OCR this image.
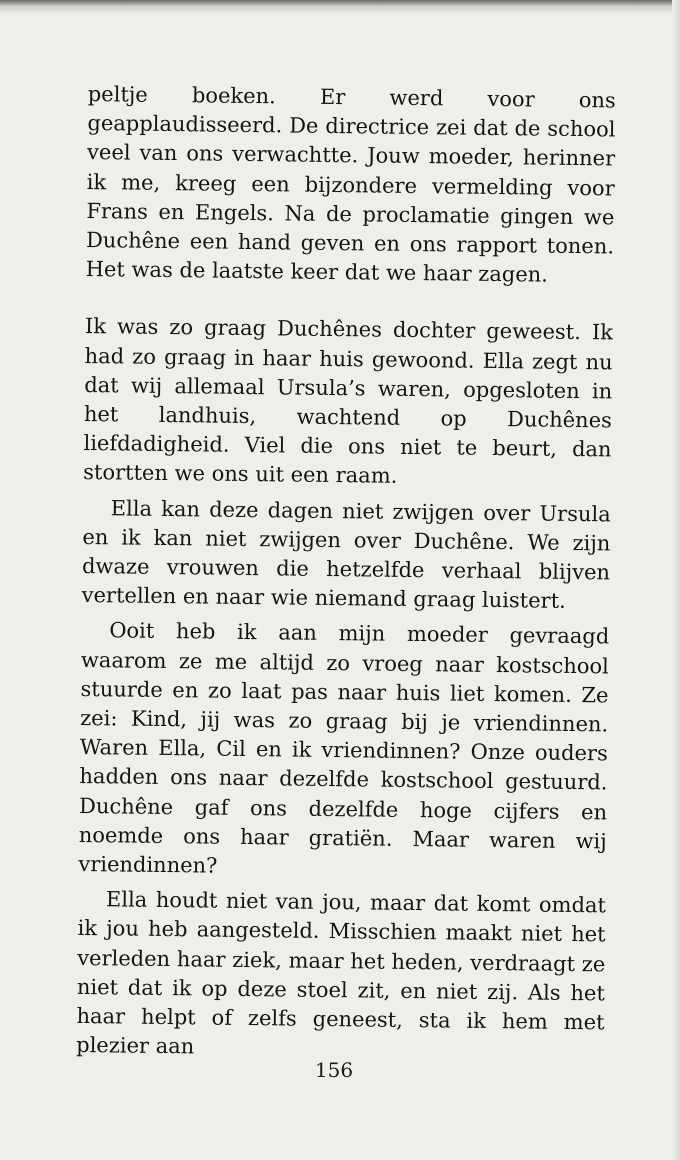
peltje boeken. Er werd voor ons geapplaudisseerd. De directrice zei dat de school veel van ons verwachtte. Jouw moeder, herinner ik me, kreeg een bijzondere vermelding voor Frans en Engels. Na de proclamatie gingen we Duchêne een hand geven en ons rapport tonen. Het was de laatste keer dat we haar zagen.

Ik was zo graag Duchênes dochter geweest. Ik had zo graag in haar huis gewoond. Ella zegt nu dat wij allemaal Ursula’s waren, opgesloten in het landhuis, wachtend op Duchênes liefdadigheid. Viel die ons niet te beurt, dan stortten we ons uit een raam.

Ella kan deze dagen niet zwijgen over Ursula en ik kan niet zwijgen over Duchêne. We zijn dwaze vrouwen die hetzelfde verhaal blijven vertellen en naar wie niemand graag luistert.

Ooit heb ik aan mijn moeder gevraagd waarom ze me altijd zo vroeg naar kostschool stuurde en zo laat pas naar huis liet komen. Ze zei: Kind, jij was zo graag bij je vriendinnen. Waren Ella, Cil en ik vriendinnen? Onze ouders hadden ons naar dezelfde kostschool gestuurd. Duchêne gaf ons dezelfde hoge cijfers en noemde ons haar gratiën. Maar waren wij vriendinnen?

Ella houdt niet van jou, maar dat komt omdat ik jou heb aangesteld. Misschien maakt niet het verleden haar ziek, maar het heden, verdraagt ze niet dat ik op deze stoel zit, en niet zij. Als het haar helpt of zelfs geneest, sta ik hem met plezier aan

156
